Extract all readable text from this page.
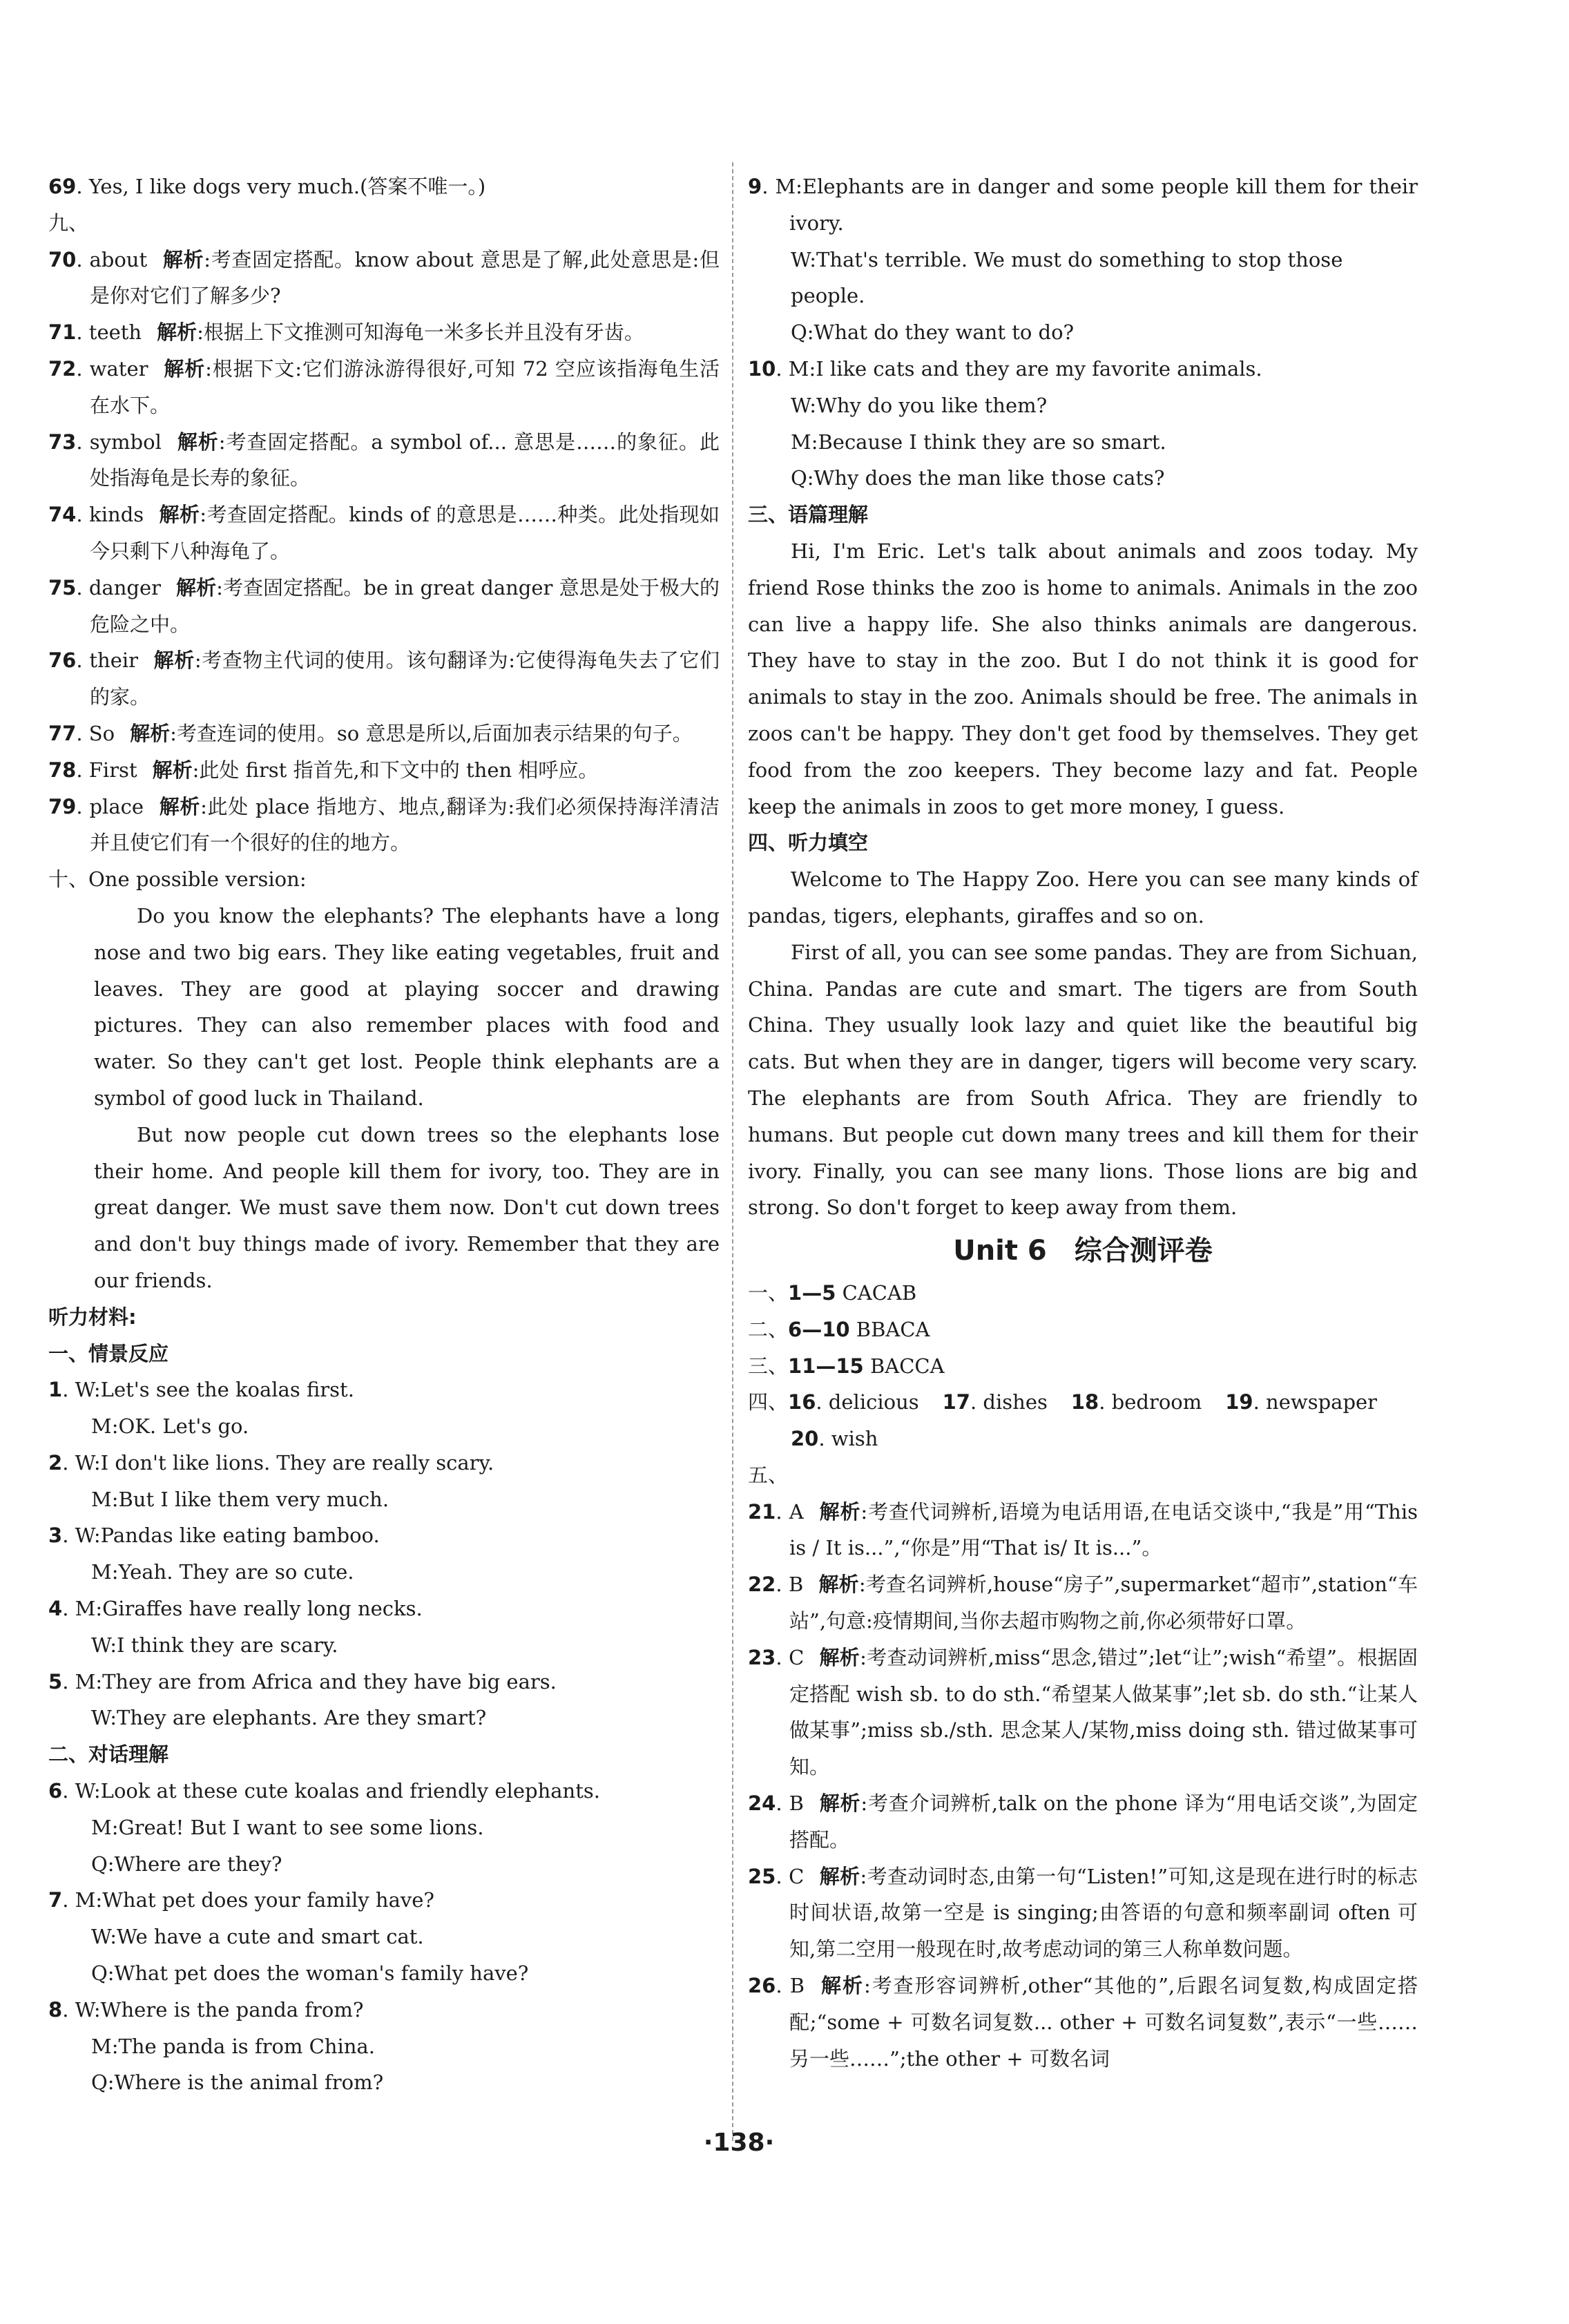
69. Yes, I like dogs very much.(答案不唯一。)
九、
70. about 解析:考查固定搭配。know about 意思是了解,此处意思是:但是你对它们了解多少?
71. teeth 解析:根据上下文推测可知海龟一米多长并且没有牙齿。
72. water 解析:根据下文:它们游泳游得很好,可知 72 空应该指海龟生活在水下。
73. symbol 解析:考查固定搭配。a symbol of... 意思是……的象征。此处指海龟是长寿的象征。
74. kinds 解析:考查固定搭配。kinds of 的意思是……种类。此处指现如今只剩下八种海龟了。
75. danger 解析:考查固定搭配。be in great danger 意思是处于极大的危险之中。
76. their 解析:考查物主代词的使用。该句翻译为:它使得海龟失去了它们的家。
77. So 解析:考查连词的使用。so 意思是所以,后面加表示结果的句子。
78. First 解析:此处 first 指首先,和下文中的 then 相呼应。
79. place 解析:此处 place 指地方、地点,翻译为:我们必须保持海洋清洁并且使它们有一个很好的住的地方。
十、One possible version:
Do you know the elephants? The elephants have a long nose and two big ears. They like eating vegetables, fruit and leaves. They are good at playing soccer and drawing pictures. They can also remember places with food and water. So they can't get lost. People think elephants are a symbol of good luck in Thailand.
But now people cut down trees so the elephants lose their home. And people kill them for ivory, too. They are in great danger. We must save them now. Don't cut down trees and don't buy things made of ivory. Remember that they are our friends.
听力材料:
一、情景反应
1. W:Let's see the koalas first.
M:OK. Let's go.
2. W:I don't like lions. They are really scary.
M:But I like them very much.
3. W:Pandas like eating bamboo.
M:Yeah. They are so cute.
4. M:Giraffes have really long necks.
W:I think they are scary.
5. M:They are from Africa and they have big ears.
W:They are elephants. Are they smart?
二、对话理解
6. W:Look at these cute koalas and friendly elephants.
M:Great! But I want to see some lions.
Q:Where are they?
7. M:What pet does your family have?
W:We have a cute and smart cat.
Q:What pet does the woman's family have?
8. W:Where is the panda from?
M:The panda is from China.
Q:Where is the animal from?
9. M:Elephants are in danger and some people kill them for their ivory.
W:That's terrible. We must do something to stop those people.
Q:What do they want to do?
10. M:I like cats and they are my favorite animals.
W:Why do you like them?
M:Because I think they are so smart.
Q:Why does the man like those cats?
三、语篇理解
Hi, I'm Eric. Let's talk about animals and zoos today. My friend Rose thinks the zoo is home to animals. Animals in the zoo can live a happy life. She also thinks animals are dangerous. They have to stay in the zoo. But I do not think it is good for animals to stay in the zoo. Animals should be free. The animals in zoos can't be happy. They don't get food by themselves. They get food from the zoo keepers. They become lazy and fat. People keep the animals in zoos to get more money, I guess.
四、听力填空
Welcome to The Happy Zoo. Here you can see many kinds of pandas, tigers, elephants, giraffes and so on.
First of all, you can see some pandas. They are from Sichuan, China. Pandas are cute and smart. The tigers are from South China. They usually look lazy and quiet like the beautiful big cats. But when they are in danger, tigers will become very scary. The elephants are from South Africa. They are friendly to humans. But people cut down many trees and kill them for their ivory. Finally, you can see many lions. Those lions are big and strong. So don't forget to keep away from them.
Unit 6　综合测评卷
一、1—5 CACAB
二、6—10 BBACA
三、11—15 BACCA
四、16. delicious 17. dishes 18. bedroom 19. newspaper
20. wish
五、
21. A 解析:考查代词辨析,语境为电话用语,在电话交谈中,“我是”用“This is / It is...”,“你是”用“That is/ It is...”。
22. B 解析:考查名词辨析,house“房子”,supermarket“超市”,station“车站”,句意:疫情期间,当你去超市购物之前,你必须带好口罩。
23. C 解析:考查动词辨析,miss“思念,错过”;let“让”;wish“希望”。根据固定搭配 wish sb. to do sth.“希望某人做某事”;let sb. do sth.“让某人做某事”;miss sb./sth. 思念某人/某物,miss doing sth. 错过做某事可知。
24. B 解析:考查介词辨析,talk on the phone 译为“用电话交谈”,为固定搭配。
25. C 解析:考查动词时态,由第一句“Listen!”可知,这是现在进行时的标志时间状语,故第一空是 is singing;由答语的句意和频率副词 often 可知,第二空用一般现在时,故考虑动词的第三人称单数问题。
26. B 解析:考查形容词辨析,other“其他的”,后跟名词复数,构成固定搭配;“some + 可数名词复数... other + 可数名词复数”,表示“一些……另一些……”;the other + 可数名词
·138·
